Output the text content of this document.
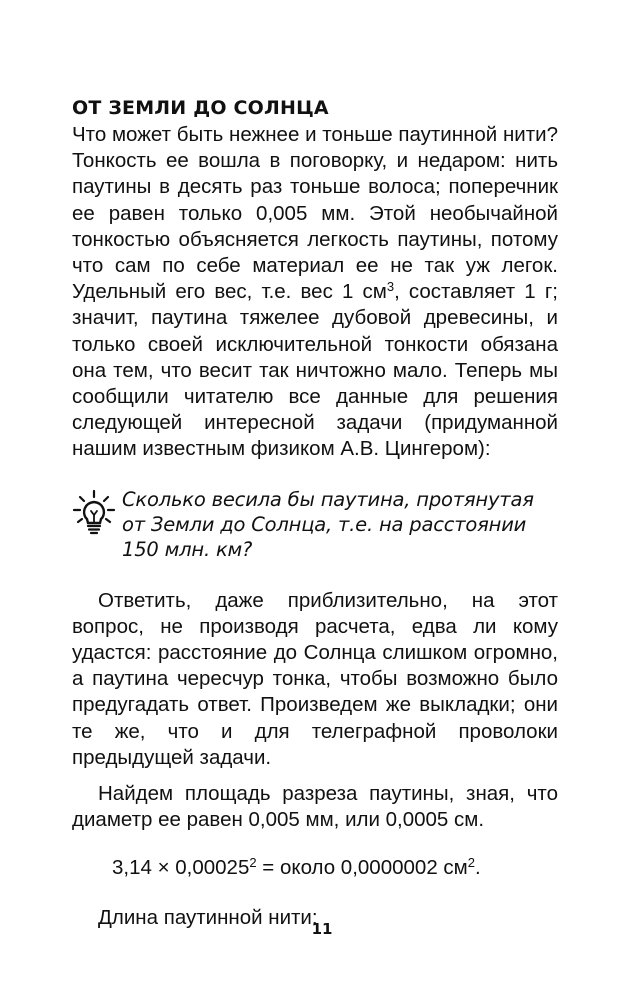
ОТ ЗЕМЛИ ДО СОЛНЦА

Что может быть нежнее и тоньше паутинной нити? Тонкость ее вошла в поговорку, и недаром: нить паутины в десять раз тоньше волоса; поперечник ее равен только 0,005 мм. Этой необычайной тонкостью объясняется легкость паутины, потому что сам по себе материал ее не так уж легок. Удельный его вес, т.е. вес 1 $см^3$, составляет 1 г; значит, паутина тяжелее дубовой древесины, и только своей исключительной тонкости обязана она тем, что весит так ничтожно мало. Теперь мы сообщили читателю все данные для решения следующей интересной задачи (придуманной нашим известным физиком А.В. Цингером):

Сколько весила бы паутина, протянутая от Земли до Солнца, т.е. на расстоянии 150 млн. км?

Ответить, даже приблизительно, на этот вопрос, не производя расчета, едва ли кому удастся: расстояние до Солнца слишком огромно, а паутина чересчур тонка, чтобы возможно было предугадать ответ. Произведем же выкладки; они те же, что и для телеграфной проволоки предыдущей задачи.

Найдем площадь разреза паутины, зная, что диаметр ее равен 0,005 мм, или 0,0005 см.

$3,14 \times 0,00025^2$ = около 0,0000002 $см^2$.

Длина паутинной нити:

11
